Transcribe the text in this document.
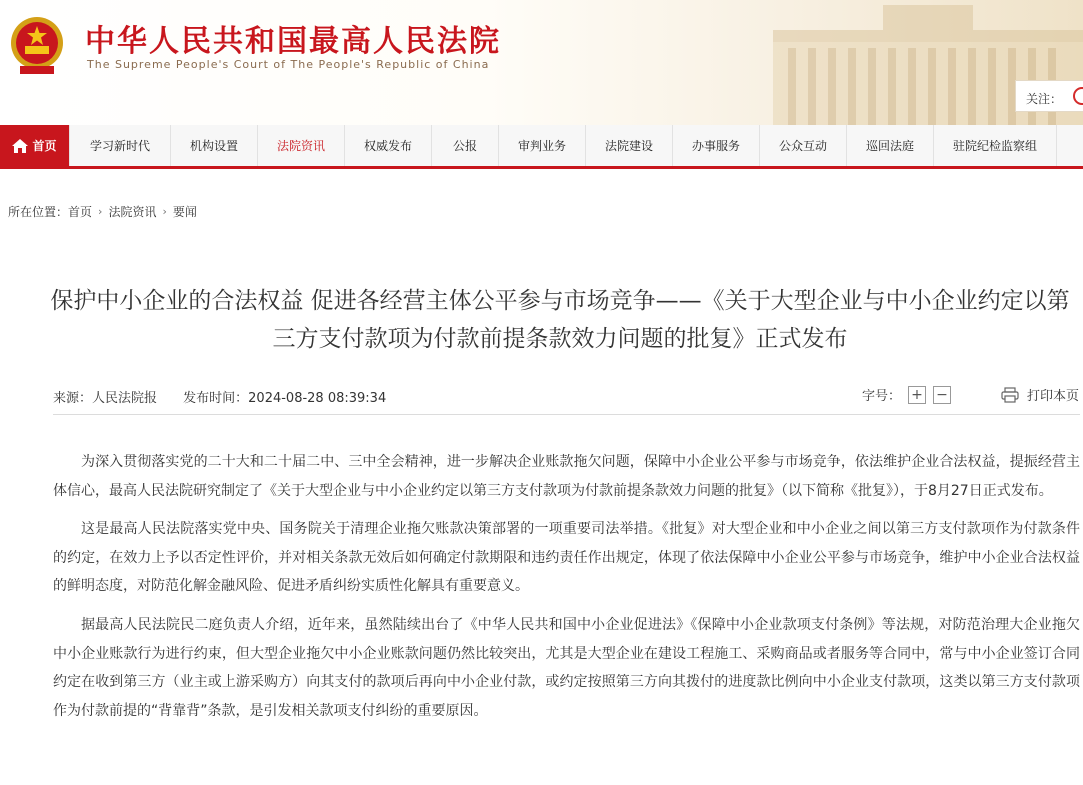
中华人民共和国最高人民法院
The Supreme People's Court of The People's Republic of China
关注：
首页	学习新时代	机构设置	法院资讯	权威发布	公报	审判业务	法院建设	办事服务	公众互动	巡回法庭	驻院纪检监察组
所在位置： 首页 › 法院资讯 › 要闻
保护中小企业的合法权益 促进各经营主体公平参与市场竞争——《关于大型企业与中小企业约定以第三方支付款项为付款前提条款效力问题的批复》正式发布
来源：人民法院报 发布时间：2024-08-28 08:39:34	字号： + −	打印本页

为深入贯彻落实党的二十大和二十届二中、三中全会精神，进一步解决企业账款拖欠问题，保障中小企业公平参与市场竞争，依法维护企业合法权益，提振经营主体信心，最高人民法院研究制定了《关于大型企业与中小企业约定以第三方支付款项为付款前提条款效力问题的批复》（以下简称《批复》），于8月27日正式发布。

这是最高人民法院落实党中央、国务院关于清理企业拖欠账款决策部署的一项重要司法举措。《批复》对大型企业和中小企业之间以第三方支付款项作为付款条件的约定，在效力上予以否定性评价，并对相关条款无效后如何确定付款期限和违约责任作出规定，体现了依法保障中小企业公平参与市场竞争，维护中小企业合法权益的鲜明态度，对防范化解金融风险、促进矛盾纠纷实质性化解具有重要意义。

据最高人民法院民二庭负责人介绍，近年来，虽然陆续出台了《中华人民共和国中小企业促进法》《保障中小企业款项支付条例》等法规，对防范治理大企业拖欠中小企业账款行为进行约束，但大型企业拖欠中小企业账款问题仍然比较突出，尤其是大型企业在建设工程施工、采购商品或者服务等合同中，常与中小企业签订合同约定在收到第三方（业主或上游采购方）向其支付的款项后再向中小企业付款，或约定按照第三方向其拨付的进度款比例向中小企业支付款项，这类以第三方支付款项作为付款前提的“背靠背”条款，是引发相关款项支付纠纷的重要原因。
